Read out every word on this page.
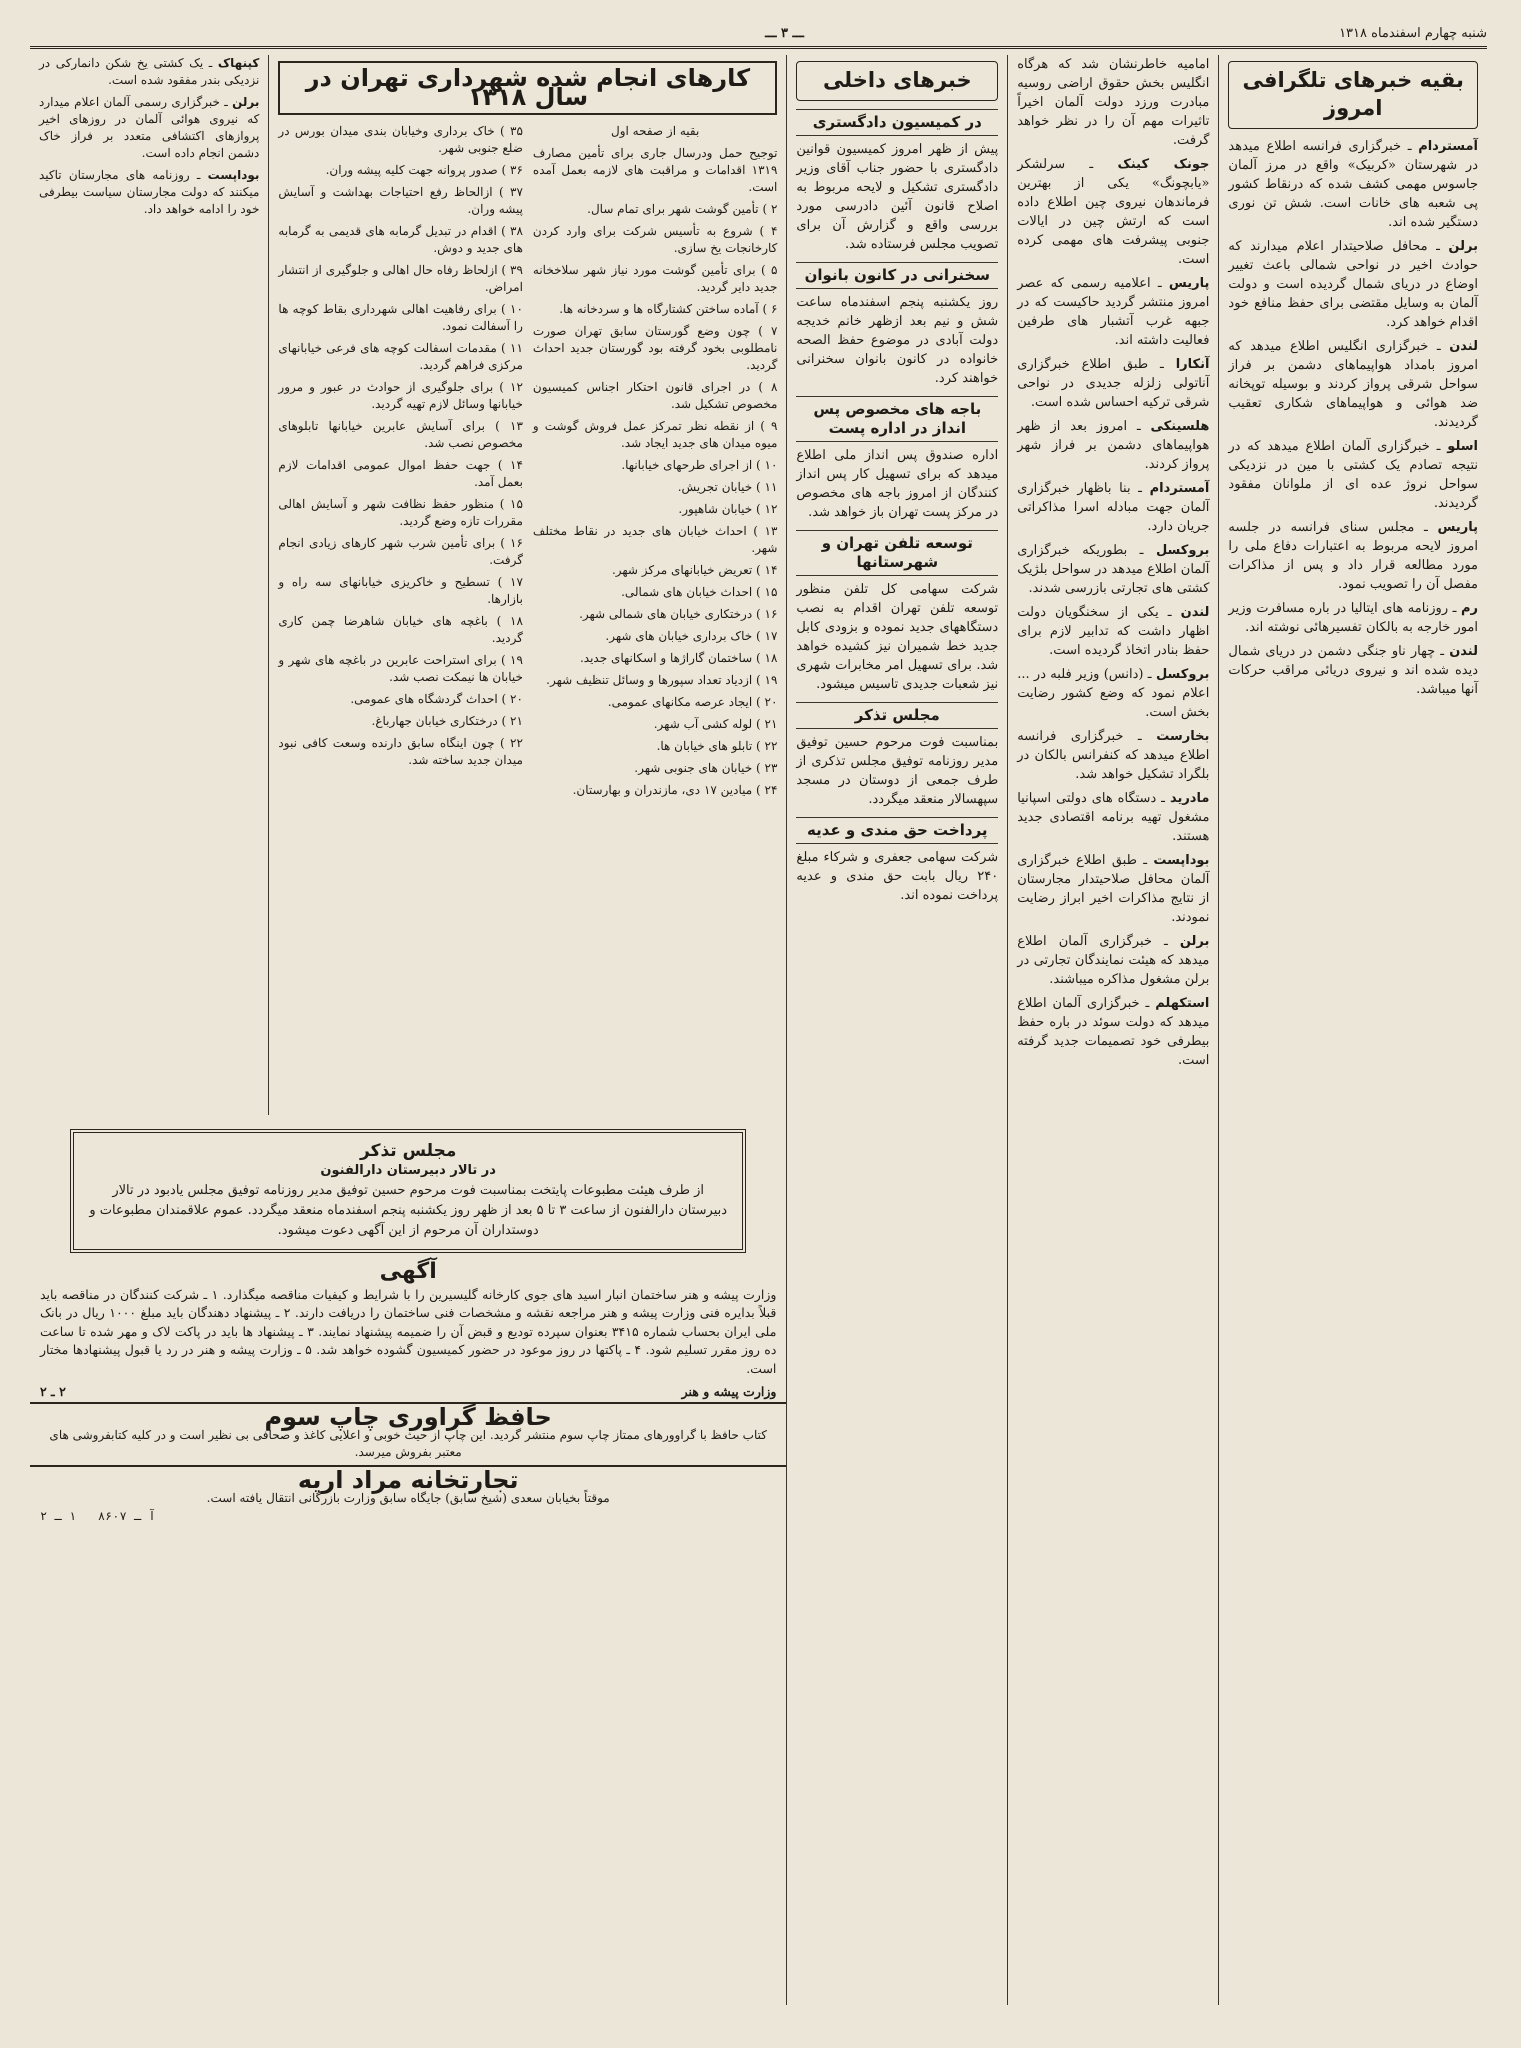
شنبه چهارم اسفندماه ۱۳۱۸
ـــ ۳ ـــ
بقیه خبرهای تلگرافی امروز

آمستردام ـ خبرگزاری فرانسه اطلاع میدهد در شهرستان «کربیک» واقع در مرز آلمان جاسوس مهمی کشف شده که درنقاط کشور پی شعبه های خانات است. شش تن نوری دستگیر شده اند.

برلن ـ محافل صلاحیتدار اعلام میدارند که حوادث اخیر در نواحی شمالی باعث تغییر اوضاع در دریای شمال گردیده است و دولت آلمان به وسایل مقتضی برای حفظ منافع خود اقدام خواهد کرد.

لندن ـ خبرگزاری انگلیس اطلاع میدهد که امروز بامداد هواپیماهای دشمن بر فراز سواحل شرقی پرواز کردند و بوسیله توپخانه ضد هوائی و هواپیماهای شکاری تعقیب گردیدند.

اسلو ـ خبرگزاری آلمان اطلاع میدهد که در نتیجه تصادم یک کشتی با مین در نزدیکی سواحل نروژ عده ای از ملوانان مفقود گردیدند.

پاریس ـ مجلس سنای فرانسه در جلسه امروز لایحه مربوط به اعتبارات دفاع ملی را مورد مطالعه قرار داد و پس از مذاکرات مفصل آن را تصویب نمود.

رم ـ روزنامه های ایتالیا در باره مسافرت وزیر امور خارجه به بالکان تفسیرهائی نوشته اند.

لندن ـ چهار ناو جنگی دشمن در دریای شمال دیده شده اند و نیروی دریائی مراقب حرکات آنها میباشد.

امامیه خاطرنشان شد که هرگاه انگلیس بخش حقوق اراضی روسیه مبادرت ورزد دولت آلمان اخیراً تاثیرات مهم آن را در نظر خواهد گرفت.

جونک کینک ـ سرلشکر «یابچونگ» یکی از بهترین فرماندهان نیروی چین اطلاع داده است که ارتش چین در ایالات جنوبی پیشرفت های مهمی کرده است.

پاریس ـ اعلامیه رسمی که عصر امروز منتشر گردید حاکیست که در جبهه غرب آتشبار های طرفین فعالیت داشته اند.

آنکارا ـ طبق اطلاع خبرگزاری آناتولی زلزله جدیدی در نواحی شرقی ترکیه احساس شده است.

هلسینکی ـ امروز بعد از ظهر هواپیماهای دشمن بر فراز شهر پرواز کردند.

آمستردام ـ بنا باظهار خبرگزاری آلمان جهت مبادله اسرا مذاکراتی جریان دارد.

بروکسل ـ بطوریکه خبرگزاری آلمان اطلاع میدهد در سواحل بلژیک کشتی های تجارتی بازرسی شدند.

لندن ـ یکی از سخنگویان دولت اظهار داشت که تدابیر لازم برای حفظ بنادر اتخاذ گردیده است.

بروکسل ـ (دانس) وزیر فلبه در ... اعلام نمود که وضع کشور رضایت بخش است.

بخارست ـ خبرگزاری فرانسه اطلاع میدهد که کنفرانس بالکان در بلگراد تشکیل خواهد شد.

مادرید ـ دستگاه های دولتی اسپانیا مشغول تهیه برنامه اقتصادی جدید هستند.

بوداپست ـ طبق اطلاع خبرگزاری آلمان محافل صلاحیتدار مجارستان از نتایج مذاکرات اخیر ابراز رضایت نمودند.

برلن ـ خبرگزاری آلمان اطلاع میدهد که هیئت نمایندگان تجارتی در برلن مشغول مذاکره میباشند.

استکهلم ـ خبرگزاری آلمان اطلاع میدهد که دولت سوئد در باره حفظ بیطرفی خود تصمیمات جدید گرفته است.

خبرهای داخلی
در کمیسیون دادگستری

پیش از ظهر امروز کمیسیون قوانین دادگستری با حضور جناب آقای وزیر دادگستری تشکیل و لایحه مربوط به اصلاح قانون آئین دادرسی مورد بررسی واقع و گزارش آن برای تصویب مجلس فرستاده شد.

سخنرانی در کانون بانوان

روز یکشنبه پنجم اسفندماه ساعت شش و نیم بعد ازظهر خانم خدیجه دولت آبادی در موضوع حفظ الصحه خانواده در کانون بانوان سخنرانی خواهند کرد.

باجه های مخصوص پس انداز در اداره پست

اداره صندوق پس انداز ملی اطلاع میدهد که برای تسهیل کار پس انداز کنندگان از امروز باجه های مخصوص در مرکز پست تهران باز خواهد شد.

توسعه تلفن تهران و شهرستانها

شرکت سهامی کل تلفن منظور توسعه تلفن تهران اقدام به نصب دستگاههای جدید نموده و بزودی کابل جدید خط شمیران نیز کشیده خواهد شد. برای تسهیل امر مخابرات شهری نیز شعبات جدیدی تاسیس میشود.

مجلس تذکر

بمناسبت فوت مرحوم حسین توفیق مدیر روزنامه توفیق مجلس تذکری از طرف جمعی از دوستان در مسجد سپهسالار منعقد میگردد.

پرداخت حق مندی و عدیه

شرکت سهامی جعفری و شرکاء مبلغ ۲۴۰ ریال بابت حق مندی و عدیه پرداخت نموده اند.

کارهای انجام شده شهرداری تهران در سال ۱۳۱۸

بقیه از صفحه اول

توجیح حمل ودرسال جاری برای تأمین مصارف ۱۳۱۹ اقدامات و مراقبت های لازمه بعمل آمده است.

۲ ) تأمین گوشت شهر برای تمام سال.

۴ ) شروع به تأسیس شرکت برای وارد کردن کارخانجات یخ سازی.

۵ ) برای تأمین گوشت مورد نیاز شهر سلاخخانه جدید دایر گردید.

۶ ) آماده ساختن کشتارگاه ها و سردخانه ها.

۷ ) چون وضع گورستان سابق تهران صورت نامطلوبی بخود گرفته بود گورستان جدید احداث گردید.

۸ ) در اجرای قانون احتکار اجناس کمیسیون مخصوص تشکیل شد.

۹ ) از نقطه نظر تمرکز عمل فروش گوشت و میوه میدان های جدید ایجاد شد.

۱۰ ) از اجرای طرحهای خیابانها.

۱۱ ) خیابان تجریش.

۱۲ ) خیابان شاهپور.

۱۳ ) احداث خیابان های جدید در نقاط مختلف شهر.

۱۴ ) تعریض خیابانهای مرکز شهر.

۱۵ ) احداث خیابان های شمالی.

۱۶ ) درختکاری خیابان های شمالی شهر.

۱۷ ) خاک برداری خیابان های شهر.

۱۸ ) ساختمان گاراژها و اسکانهای جدید.

۱۹ ) ازدیاد تعداد سپورها و وسائل تنظیف شهر.

۲۰ ) ایجاد عرصه مکانهای عمومی.

۲۱ ) لوله کشی آب شهر.

۲۲ ) تابلو های خیابان ها.

۲۳ ) خیابان های جنوبی شهر.

۲۴ ) میادین ۱۷ دی، مازندران و بهارستان.

۳۵ ) خاک برداری وخیابان بندی میدان بورس در ضلع جنوبی شهر.

۳۶ ) صدور پروانه جهت کلیه پیشه وران.

۳۷ ) ازالحاظ رفع احتیاجات بهداشت و آسایش پیشه وران.

۳۸ ) اقدام در تبدیل گرمابه های قدیمی به گرمابه های جدید و دوش.

۳۹ ) ازلحاظ رفاه حال اهالی و جلوگیری از انتشار امراض.

۱۰ ) برای رفاهیت اهالی شهرداری بقاط کوچه ها را آسفالت نمود.

۱۱ ) مقدمات اسفالت کوچه های فرعی خیابانهای مرکزی فراهم گردید.

۱۲ ) برای جلوگیری از حوادث در عبور و مرور خیابانها وسائل لازم تهیه گردید.

۱۳ ) برای آسایش عابرین خیابانها تابلوهای مخصوص نصب شد.

۱۴ ) جهت حفظ اموال عمومی اقدامات لازم بعمل آمد.

۱۵ ) منظور حفظ نظافت شهر و آسایش اهالی مقررات تازه وضع گردید.

۱۶ ) برای تأمین شرب شهر کارهای زیادی انجام گرفت.

۱۷ ) تسطیح و خاکریزی خیابانهای سه راه و بازارها.

۱۸ ) باغچه های خیابان شاهرضا چمن کاری گردید.

۱۹ ) برای استراحت عابرین در باغچه های شهر و خیابان ها نیمکت نصب شد.

۲۰ ) احداث گردشگاه های عمومی.

۲۱ ) درختکاری خیابان جهارباغ.

۲۲ ) چون اینگاه سابق دارنده وسعت کافی نبود میدان جدید ساخته شد.

کپنهاک ـ یک کشتی یخ شکن دانمارکی در نزدیکی بندر مفقود شده است.

برلن ـ خبرگزاری رسمی آلمان اعلام میدارد که نیروی هوائی آلمان در روزهای اخیر پروازهای اکتشافی متعدد بر فراز خاک دشمن انجام داده است.

بوداپست ـ روزنامه های مجارستان تاکید میکنند که دولت مجارستان سیاست بیطرفی خود را ادامه خواهد داد.

مجلس تذکر
در تالار دبیرستان دارالفنون
از طرف هیئت مطبوعات پایتخت بمناسبت فوت مرحوم حسین توفیق مدیر روزنامه توفیق مجلس یادبود در تالار دبیرستان دارالفنون از ساعت ۳ تا ۵ بعد از ظهر روز یکشنبه پنجم اسفندماه منعقد میگردد. عموم علاقمندان مطبوعات و دوستداران آن مرحوم از این آگهی دعوت میشود.
آگهی

وزارت پیشه و هنر ساختمان انبار اسید های جوی کارخانه گلیسیرین را با شرایط و کیفیات مناقصه میگذارد. ۱ ـ شرکت کنندگان در مناقصه باید قبلاً بدایره فنی وزارت پیشه و هنر مراجعه نقشه و مشخصات فنی ساختمان را دریافت دارند. ۲ ـ پیشنهاد دهندگان باید مبلغ ۱۰۰۰ ریال در بانک ملی ایران بحساب شماره ۳۴۱۵ بعنوان سپرده تودیع و قبض آن را ضمیمه پیشنهاد نمایند. ۳ ـ پیشنهاد ها باید در پاکت لاک و مهر شده تا ساعت ده روز مقرر تسلیم شود. ۴ ـ پاکتها در روز موعود در حضور کمیسیون گشوده خواهد شد. ۵ ـ وزارت پیشه و هنر در رد یا قبول پیشنهادها مختار است.

وزارت پیشه و هنر
۲ ـ ۲
حافظ گراوری چاپ سوم
کتاب حافظ با گراوورهای ممتاز چاپ سوم منتشر گردید. این چاپ از حیث خوبی و اعلایی کاغذ و صحافی بی نظیر است و در کلیه کتابفروشی های معتبر بفروش میرسد.
تجارتخانه مراد اریه
موقتاً بخیابان سعدی (شیخ سابق) جایگاه سابق وزارت بازرگانی انتقال یافته است.
آ ـ ۸۶۰۷   ۱ ـ ۲
